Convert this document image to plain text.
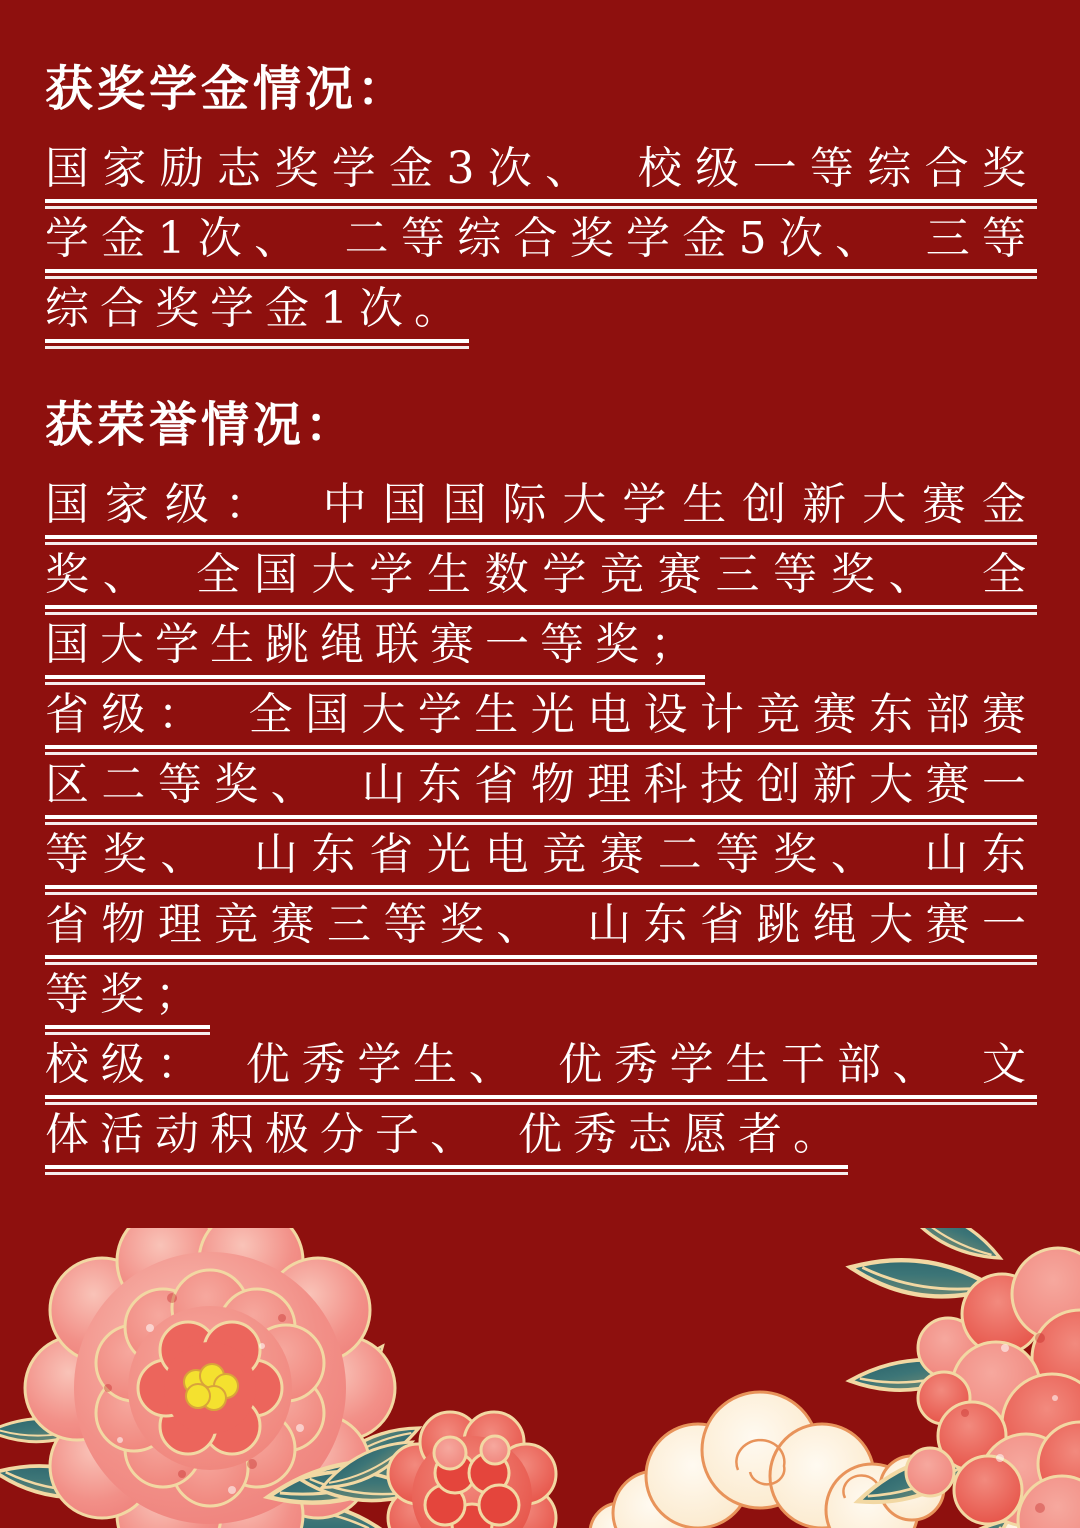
获奖学金情况：

国家励志奖学金3次、　校级一等综合奖学金1次、　二等综合奖学金5次、　三等综合奖学金1次。

获荣誉情况：

国家级：　中国国际大学生创新大赛金奖、　全国大学生数学竞赛三等奖、　全国大学生跳绳联赛一等奖；

省级：　全国大学生光电设计竞赛东部赛区二等奖、　山东省物理科技创新大赛一等奖、　山东省光电竞赛二等奖、　山东省物理竞赛三等奖、　山东省跳绳大赛一等奖；

校级：　优秀学生、　优秀学生干部、　文体活动积极分子、　优秀志愿者。
